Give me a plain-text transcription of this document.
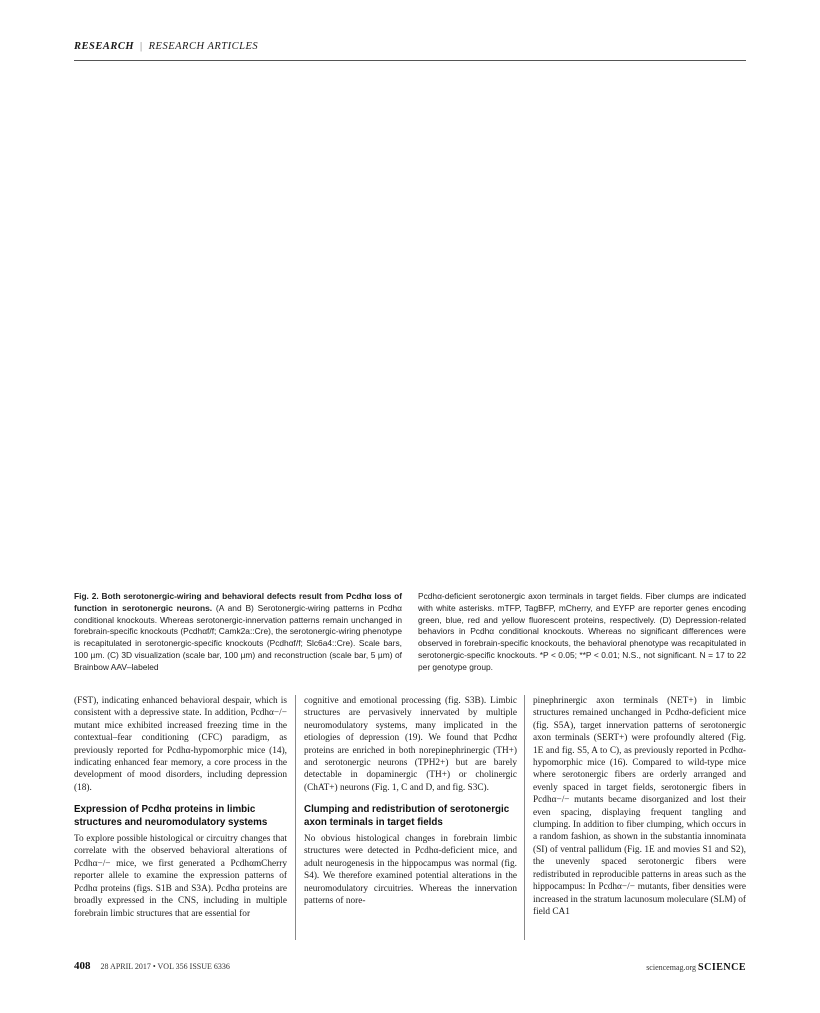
RESEARCH | RESEARCH ARTICLES

Fig. 2. Both serotonergic-wiring and behavioral defects result from Pcdhα loss of function in serotonergic neurons. (A and B) Serotonergic-wiring patterns in Pcdhα conditional knockouts. Whereas serotonergic-innervation patterns remain unchanged in forebrain-specific knockouts (Pcdhαf/f; Camk2a::Cre), the serotonergic-wiring phenotype is recapitulated in serotonergic-specific knockouts (Pcdhαf/f; Slc6a4::Cre). Scale bars, 100 µm. (C) 3D visualization (scale bar, 100 µm) and reconstruction (scale bar, 5 µm) of Brainbow AAV–labeled

Pcdhα-deficient serotonergic axon terminals in target fields. Fiber clumps are indicated with white asterisks. mTFP, TagBFP, mCherry, and EYFP are reporter genes encoding green, blue, red and yellow fluorescent proteins, respectively. (D) Depression-related behaviors in Pcdhα conditional knockouts. Whereas no significant differences were observed in forebrain-specific knockouts, the behavioral phenotype was recapitulated in serotonergic-specific knockouts. *P < 0.05; **P < 0.01; N.S., not significant. N = 17 to 22 per genotype group.

(FST), indicating enhanced behavioral despair, which is consistent with a depressive state. In addition, Pcdhα−/− mutant mice exhibited increased freezing time in the contextual–fear conditioning (CFC) paradigm, as previously reported for Pcdhα-hypomorphic mice (14), indicating enhanced fear memory, a core process in the development of mood disorders, including depression (18).

Expression of Pcdhα proteins in limbic structures and neuromodulatory systems

To explore possible histological or circuitry changes that correlate with the observed behavioral alterations of Pcdhα−/− mice, we first generated a PcdhαmCherry reporter allele to examine the expression patterns of Pcdhα proteins (figs. S1B and S3A). Pcdhα proteins are broadly expressed in the CNS, including in multiple forebrain limbic structures that are essential for

cognitive and emotional processing (fig. S3B). Limbic structures are pervasively innervated by multiple neuromodulatory systems, many implicated in the etiologies of depression (19). We found that Pcdhα proteins are enriched in both norepinephrinergic (TH+) and serotonergic neurons (TPH2+) but are barely detectable in dopaminergic (TH+) or cholinergic (ChAT+) neurons (Fig. 1, C and D, and fig. S3C).

Clumping and redistribution of serotonergic axon terminals in target fields

No obvious histological changes in forebrain limbic structures were detected in Pcdhα-deficient mice, and adult neurogenesis in the hippocampus was normal (fig. S4). We therefore examined potential alterations in the neuromodulatory circuitries. Whereas the innervation patterns of nore-

pinephrinergic axon terminals (NET+) in limbic structures remained unchanged in Pcdhα-deficient mice (fig. S5A), target innervation patterns of serotonergic axon terminals (SERT+) were profoundly altered (Fig. 1E and fig. S5, A to C), as previously reported in Pcdhα-hypomorphic mice (16). Compared to wild-type mice where serotonergic fibers are orderly arranged and evenly spaced in target fields, serotonergic fibers in Pcdhα−/− mutants became disorganized and lost their even spacing, displaying frequent tangling and clumping. In addition to fiber clumping, which occurs in a random fashion, as shown in the substantia innominata (SI) of ventral pallidum (Fig. 1E and movies S1 and S2), the unevenly spaced serotonergic fibers were redistributed in reproducible patterns in areas such as the hippocampus: In Pcdhα−/− mutants, fiber densities were increased in the stratum lacunosum moleculare (SLM) of field CA1

408 28 APRIL 2017 • VOL 356 ISSUE 6336	sciencemag.org SCIENCE
